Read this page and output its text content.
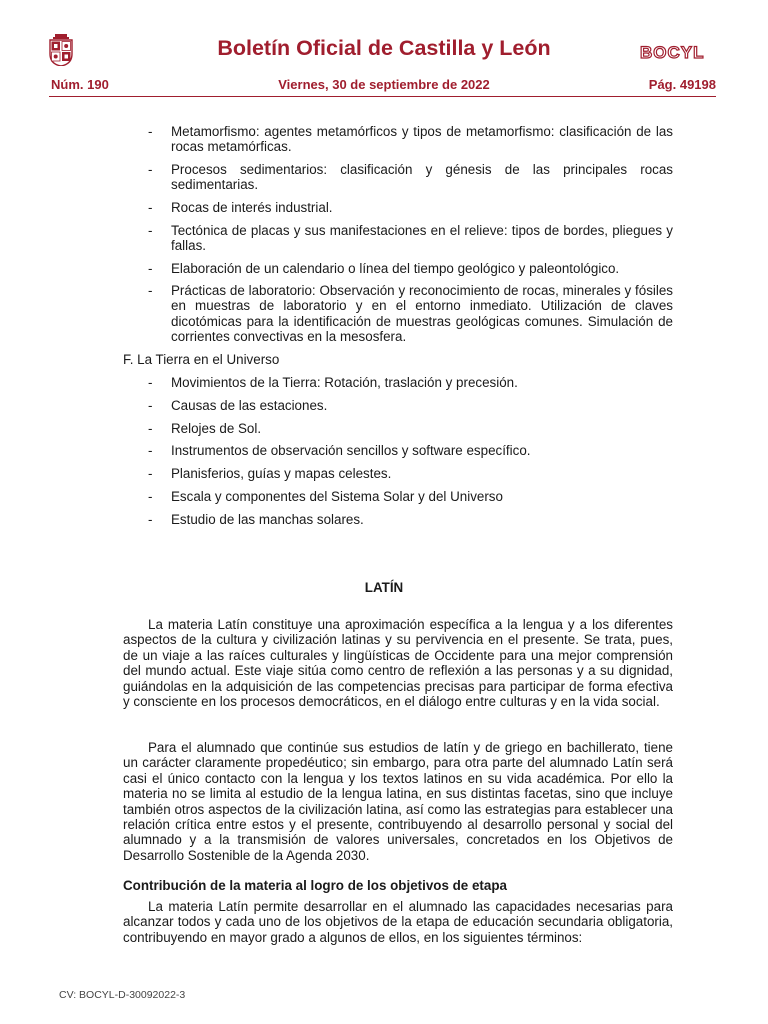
Boletín Oficial de Castilla y León	BOCYL
Núm. 190	Viernes, 30 de septiembre de 2022	Pág. 49198
- Metamorfismo: agentes metamórficos y tipos de metamorfismo: clasificación de las rocas metamórficas.
- Procesos sedimentarios: clasificación y génesis de las principales rocas sedimentarias.
- Rocas de interés industrial.
- Tectónica de placas y sus manifestaciones en el relieve: tipos de bordes, pliegues y fallas.
- Elaboración de un calendario o línea del tiempo geológico y paleontológico.
- Prácticas de laboratorio: Observación y reconocimiento de rocas, minerales y fósiles en muestras de laboratorio y en el entorno inmediato. Utilización de claves dicotómicas para la identificación de muestras geológicas comunes. Simulación de corrientes convectivas en la mesosfera.
F. La Tierra en el Universo
- Movimientos de la Tierra: Rotación, traslación y precesión.
- Causas de las estaciones.
- Relojes de Sol.
- Instrumentos de observación sencillos y software específico.
- Planisferios, guías y mapas celestes.
- Escala y componentes del Sistema Solar y del Universo
- Estudio de las manchas solares.
LATÍN
La materia Latín constituye una aproximación específica a la lengua y a los diferentes aspectos de la cultura y civilización latinas y su pervivencia en el presente. Se trata, pues, de un viaje a las raíces culturales y lingüísticas de Occidente para una mejor comprensión del mundo actual. Este viaje sitúa como centro de reflexión a las personas y a su dignidad, guiándolas en la adquisición de las competencias precisas para participar de forma efectiva y consciente en los procesos democráticos, en el diálogo entre culturas y en la vida social.
Para el alumnado que continúe sus estudios de latín y de griego en bachillerato, tiene un carácter claramente propedéutico; sin embargo, para otra parte del alumnado Latín será casi el único contacto con la lengua y los textos latinos en su vida académica. Por ello la materia no se limita al estudio de la lengua latina, en sus distintas facetas, sino que incluye también otros aspectos de la civilización latina, así como las estrategias para establecer una relación crítica entre estos y el presente, contribuyendo al desarrollo personal y social del alumnado y a la transmisión de valores universales, concretados en los Objetivos de Desarrollo Sostenible de la Agenda 2030.
Contribución de la materia al logro de los objetivos de etapa
La materia Latín permite desarrollar en el alumnado las capacidades necesarias para alcanzar todos y cada uno de los objetivos de la etapa de educación secundaria obligatoria, contribuyendo en mayor grado a algunos de ellos, en los siguientes términos:
CV: BOCYL-D-30092022-3
